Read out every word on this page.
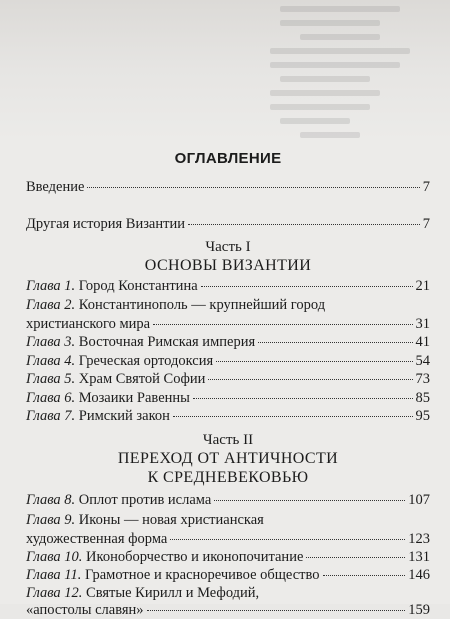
ОГЛАВЛЕНИЕ
Введение	7
Другая история Византии	7
Часть I
ОСНОВЫ ВИЗАНТИИ
Глава 1. Город Константина	21
Глава 2. Константинополь — крупнейший город
христианского мира	31
Глава 3. Восточная Римская империя	41
Глава 4. Греческая ортодоксия	54
Глава 5. Храм Святой Софии	73
Глава 6. Мозаики Равенны	85
Глава 7. Римский закон	95
Часть II
ПЕРЕХОД ОТ АНТИЧНОСТИ
К СРЕДНЕВЕКОВЬЮ
Глава 8. Оплот против ислама	107
Глава 9. Иконы — новая христианская
художественная форма	123
Глава 10. Иконоборчество и иконопочитание	131
Глава 11. Грамотное и красноречивое общество	146
Глава 12. Святые Кирилл и Мефодий,
«апостолы славян»	159
